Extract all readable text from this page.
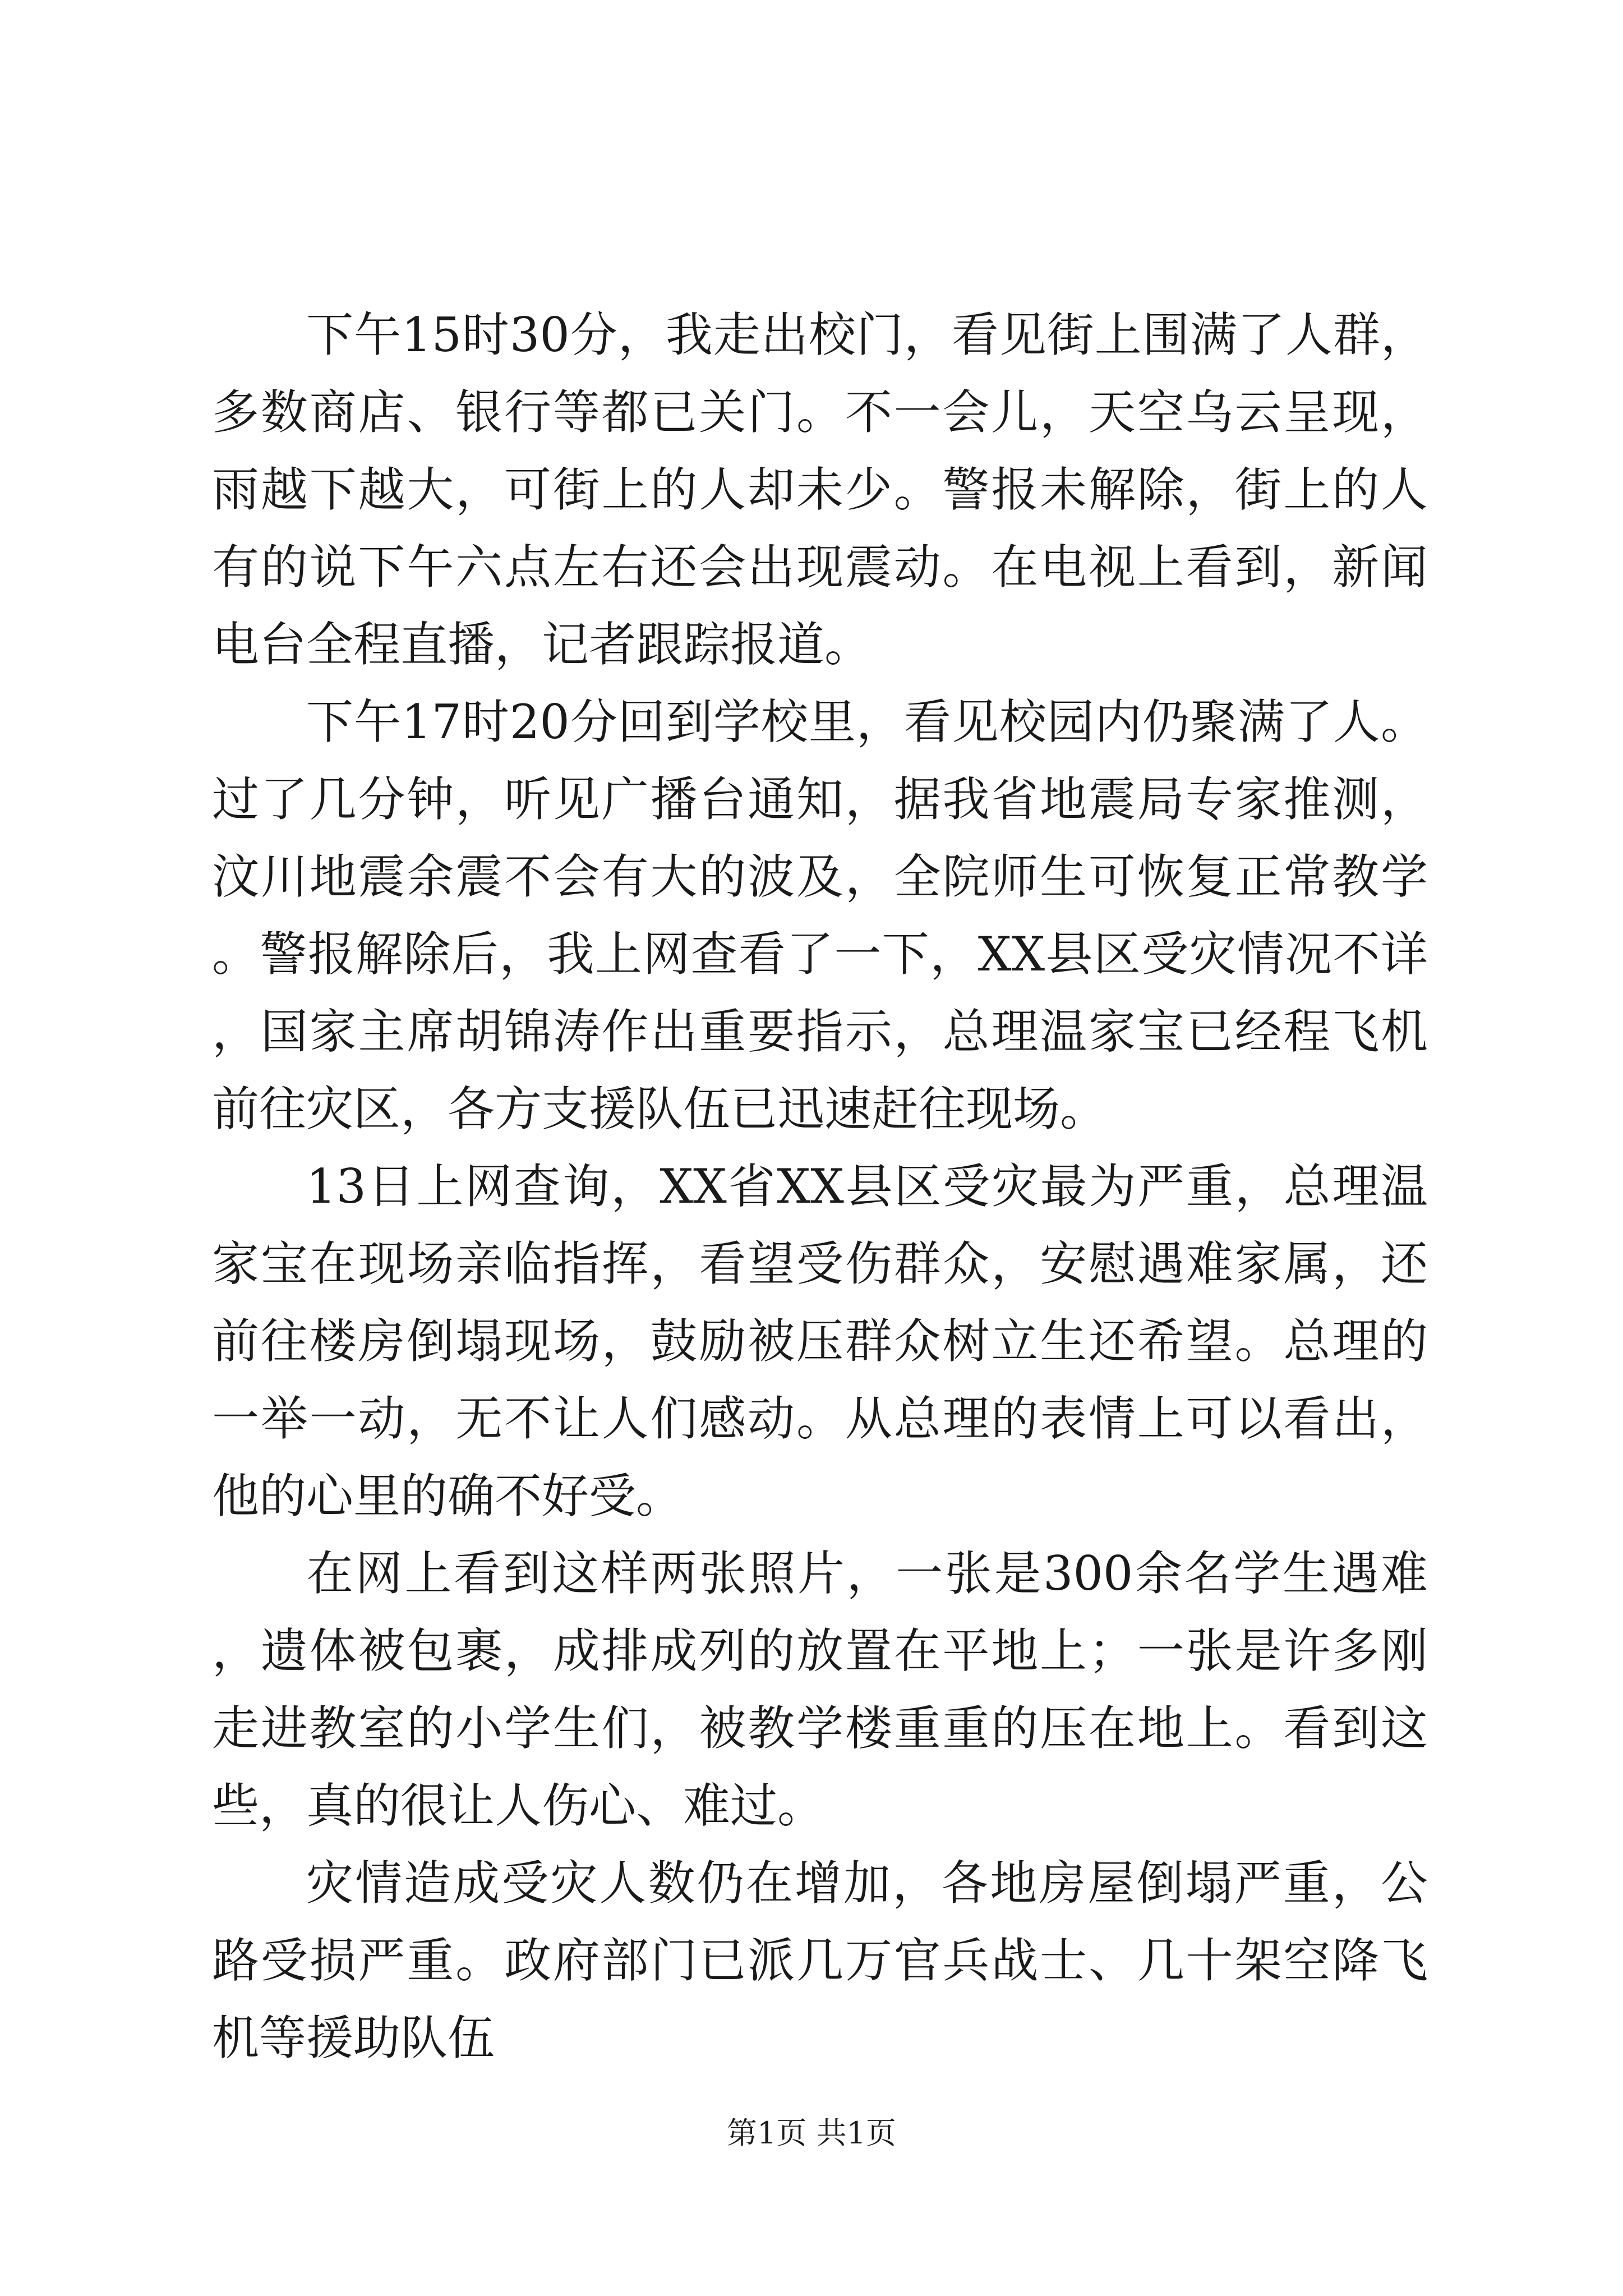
下午15时30分，我走出校门，看见街上围满了人群，多数商店、银行等都已关门。不一会儿，天空乌云呈现，雨越下越大，可街上的人却未少。警报未解除，街上的人有的说下午六点左右还会出现震动。在电视上看到，新闻电台全程直播，记者跟踪报道。

下午17时20分回到学校里，看见校园内仍聚满了人。过了几分钟，听见广播台通知，据我省地震局专家推测，汶川地震余震不会有大的波及，全院师生可恢复正常教学。警报解除后，我上网查看了一下，XX县区受灾情况不详，国家主席胡锦涛作出重要指示，总理温家宝已经程飞机前往灾区，各方支援队伍已迅速赶往现场。

13日上网查询，XX省XX县区受灾最为严重，总理温家宝在现场亲临指挥，看望受伤群众，安慰遇难家属，还前往楼房倒塌现场，鼓励被压群众树立生还希望。总理的一举一动，无不让人们感动。从总理的表情上可以看出，他的心里的确不好受。

在网上看到这样两张照片，一张是300余名学生遇难，遗体被包裹，成排成列的放置在平地上；一张是许多刚走进教室的小学生们，被教学楼重重的压在地上。看到这些，真的很让人伤心、难过。

灾情造成受灾人数仍在增加，各地房屋倒塌严重，公路受损严重。政府部门已派几万官兵战士、几十架空降飞机等援助队伍

第1页 共1页
